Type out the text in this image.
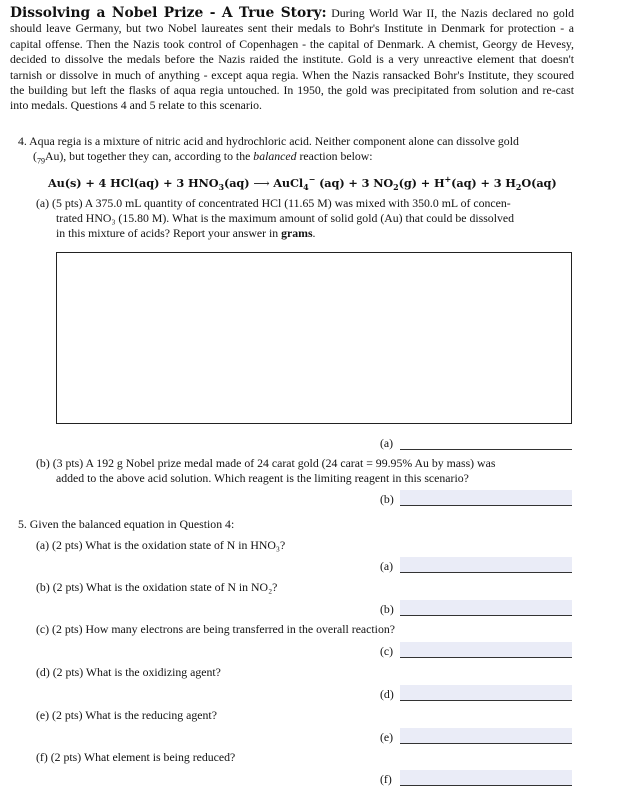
Dissolving a Nobel Prize - A True Story: During World War II, the Nazis declared no gold should leave Germany, but two Nobel laureates sent their medals to Bohr's Institute in Denmark for protection - a capital offense. Then the Nazis took control of Copenhagen - the capital of Denmark. A chemist, Georgy de Hevesy, decided to dissolve the medals before the Nazis raided the institute. Gold is a very unreactive element that doesn't tarnish or dissolve in much of anything - except aqua regia. When the Nazis ransacked Bohr's Institute, they scoured the building but left the flasks of aqua regia untouched. In 1950, the gold was precipitated from solution and re-cast into medals. Questions 4 and 5 relate to this scenario.
4. Aqua regia is a mixture of nitric acid and hydrochloric acid. Neither component alone can dissolve gold
$(_{79}Au)$, but together they can, according to the balanced reaction below:
Au(s) + 4 HCl(aq) + 3 $HNO_3(aq)$ ⟶ AuCl$_4$− (aq) + 3 $NO_2(g) + H^+(aq) + 3$ $H_2O(aq)$
(a) (5 pts) A 375.0 mL quantity of concentrated HCl (11.65 M) was mixed with 350.0 mL of concen-
trated HNO₃ (15.80 M). What is the maximum amount of solid gold (Au) that could be dissolved
in this mixture of acids? Report your answer in grams.
(a)
(b) (3 pts) A 192 g Nobel prize medal made of 24 carat gold (24 carat = 99.95% Au by mass) was
added to the above acid solution. Which reagent is the limiting reagent in this scenario?
(b)
5. Given the balanced equation in Question 4:
(a) (2 pts) What is the oxidation state of N in HNO₃?
(a)
(b) (2 pts) What is the oxidation state of N in NO₂?
(b)
(c) (2 pts) How many electrons are being transferred in the overall reaction?
(c)
(d) (2 pts) What is the oxidizing agent?
(d)
(e) (2 pts) What is the reducing agent?
(e)
(f) (2 pts) What element is being reduced?
(f)
